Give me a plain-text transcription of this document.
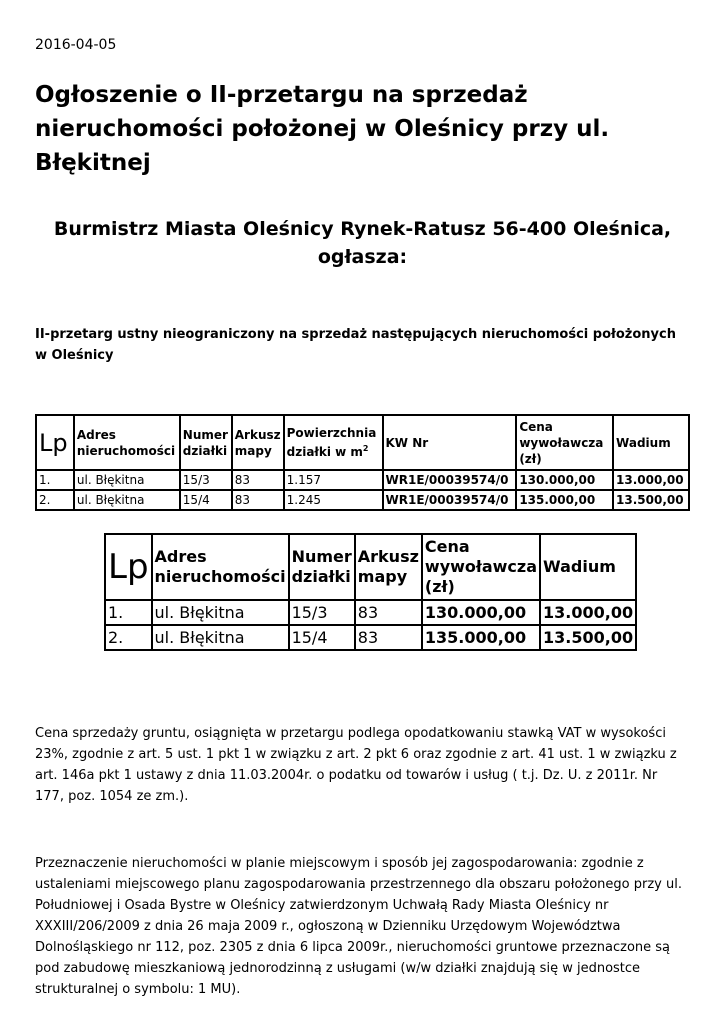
2016-04-05
Ogłoszenie o II-przetargu na sprzedaż nieruchomości położonej w Oleśnicy przy ul. Błękitnej
Burmistrz Miasta Oleśnicy Rynek-Ratusz 56-400 Oleśnica, ogłasza:

II-przetarg ustny nieograniczony na sprzedaż następujących nieruchomości położonych w Oleśnicy

Lp	Adres nieruchomości	Numer działki	Arkusz mapy	Powierzchnia działki w $m^2$	KW Nr	Cena wywoławcza (zł)	Wadium
1.	ul. Błękitna	15/3	83	1.157	WR1E/00039574/0	130.000,00	13.000,00
2.	ul. Błękitna	15/4	83	1.245	WR1E/00039574/0	135.000,00	13.500,00
Lp	Adres nieruchomości	Numer działki	Arkusz mapy	Cena wywoławcza (zł)	Wadium
1.	ul. Błękitna	15/3	83	130.000,00	13.000,00
2.	ul. Błękitna	15/4	83	135.000,00	13.500,00

Cena sprzedaży gruntu, osiągnięta w przetargu podlega opodatkowaniu stawką VAT w wysokości 23%, zgodnie z art. 5 ust. 1 pkt 1 w związku z art. 2 pkt 6 oraz zgodnie z art. 41 ust. 1 w związku z art. 146a pkt 1 ustawy z dnia 11.03.2004r. o podatku od towarów i usług ( t.j. Dz. U. z 2011r. Nr 177, poz. 1054 ze zm.).

Przeznaczenie nieruchomości w planie miejscowym i sposób jej zagospodarowania: zgodnie z ustaleniami miejscowego planu zagospodarowania przestrzennego dla obszaru położonego przy ul. Południowej i Osada Bystre w Oleśnicy zatwierdzonym Uchwałą Rady Miasta Oleśnicy nr XXXIII/206/2009 z dnia 26 maja 2009 r., ogłoszoną w Dzienniku Urzędowym Województwa Dolnośląskiego nr 112, poz. 2305 z dnia 6 lipca 2009r., nieruchomości gruntowe przeznaczone są pod zabudowę mieszkaniową jednorodzinną z usługami (w/w działki znajdują się w jednostce strukturalnej o symbolu: 1 MU).
